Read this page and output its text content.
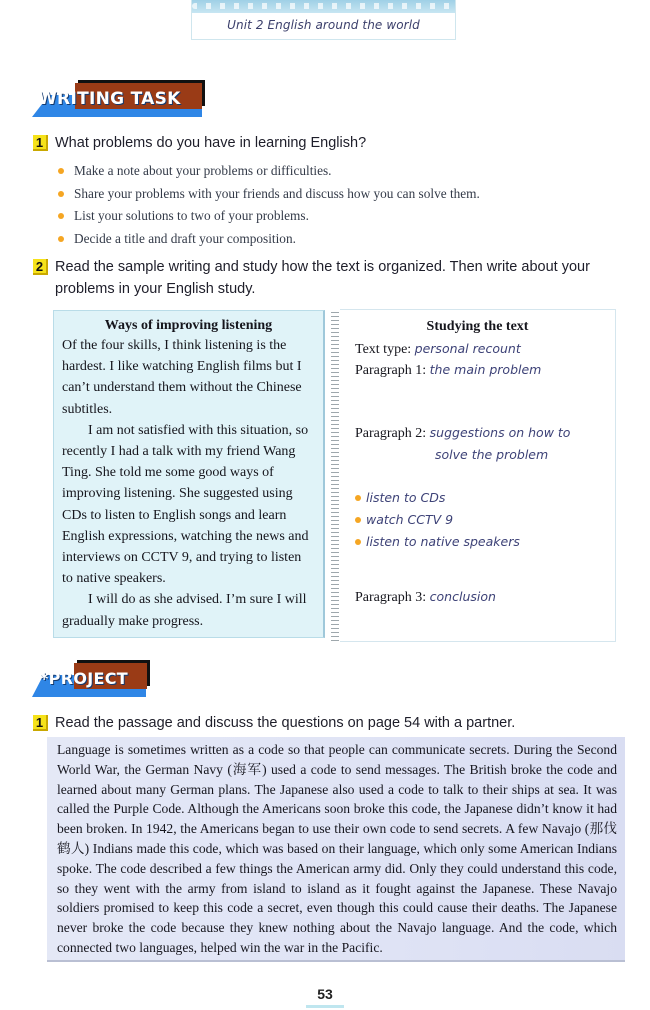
Unit 2 English around the world
WRITING TASK
1 What problems do you have in learning English?
Make a note about your problems or difficulties.
Share your problems with your friends and discuss how you can solve them.
List your solutions to two of your problems.
Decide a title and draft your composition.
2 Read the sample writing and study how the text is organized. Then write about your
problems in your English study.
Ways of improving listening

Of the four skills, I think listening is the hardest. I like watching English films but I can’t understand them without the Chinese subtitles.

I am not satisfied with this situation, so recently I had a talk with my friend Wang Ting. She told me some good ways of improving listening. She suggested using CDs to listen to English songs and learn English expressions, watching the news and interviews on CCTV 9, and trying to listen to native speakers.

I will do as she advised. I’m sure I will gradually make progress.

Studying the text
Text type: personal recount
Paragraph 1: the main problem
Paragraph 2: suggestions on how to
solve the problem
listen to CDs
watch CCTV 9
listen to native speakers
Paragraph 3: conclusion
*PROJECT
1 Read the passage and discuss the questions on page 54 with a partner.
Language is sometimes written as a code so that people can communicate secrets. During the Second World War, the German Navy (海军) used a code to send messages. The British broke the code and learned about many German plans. The Japanese also used a code to talk to their ships at sea. It was called the Purple Code. Although the Americans soon broke this code, the Japanese didn’t know it had been broken. In 1942, the Americans began to use their own code to send secrets. A few Navajo (那伐鹤人) Indians made this code, which was based on their language, which only some American Indians spoke. The code described a few things the American army did. Only they could understand this code, so they went with the army from island to island as it fought against the Japanese. These Navajo soldiers promised to keep this code a secret, even though this could cause their deaths. The Japanese never broke the code because they knew nothing about the Navajo language. And the code, which connected two languages, helped win the war in the Pacific.
53
